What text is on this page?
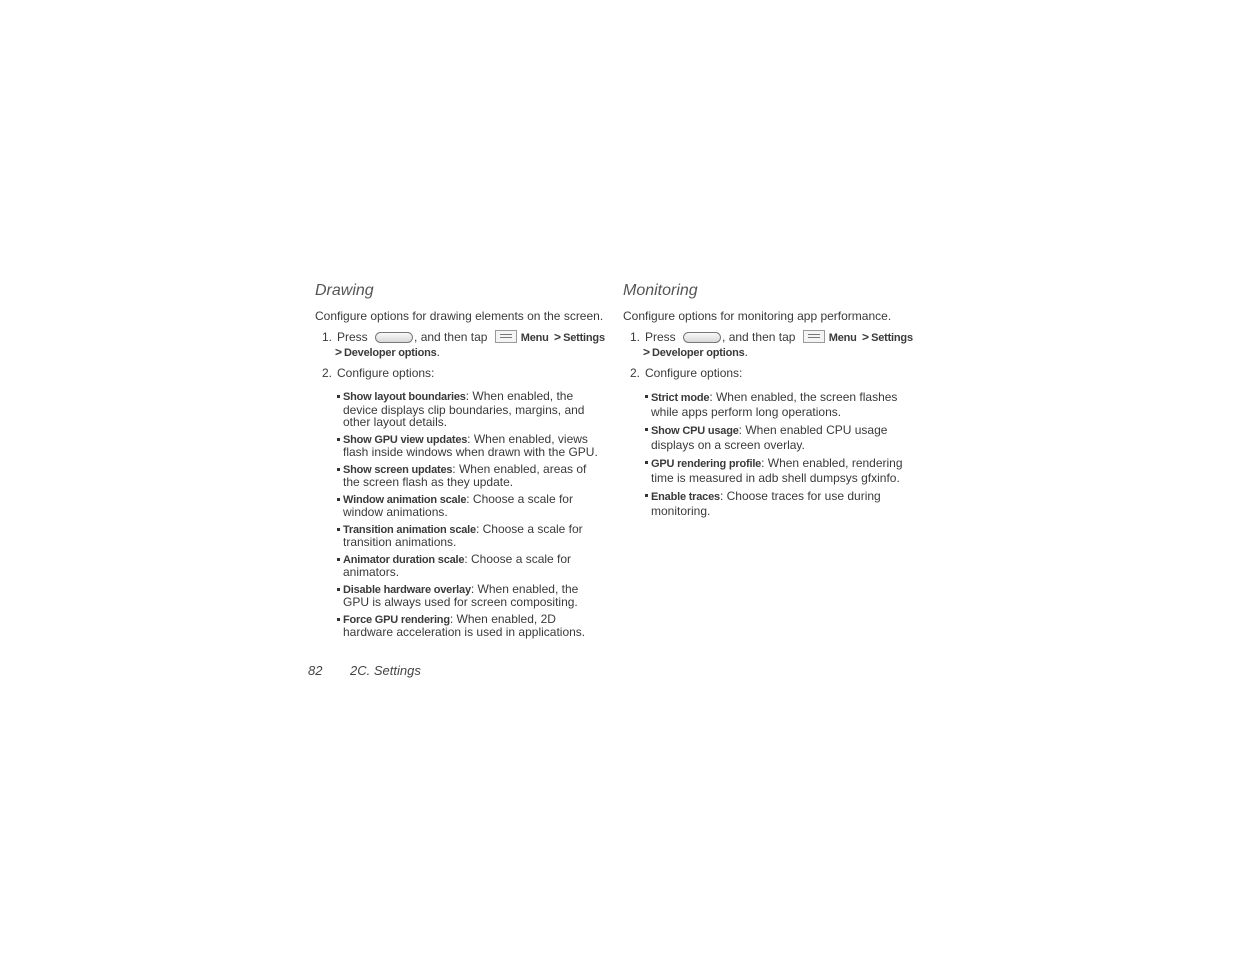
Drawing

Configure options for drawing elements on the screen.

1. Press	, and then tap	Menu > Settings
> Developer options.
2. Configure options:
Show layout boundaries: When enabled, the device displays clip boundaries, margins, and other layout details.
Show GPU view updates: When enabled, views flash inside windows when drawn with the GPU.
Show screen updates: When enabled, areas of the screen flash as they update.
Window animation scale: Choose a scale for window animations.
Transition animation scale: Choose a scale for transition animations.
Animator duration scale: Choose a scale for animators.
Disable hardware overlay: When enabled, the GPU is always used for screen compositing.
Force GPU rendering: When enabled, 2D hardware acceleration is used in applications.
Monitoring

Configure options for monitoring app performance.

1. Press	, and then tap	Menu > Settings
> Developer options.
2. Configure options:
Strict mode: When enabled, the screen flashes while apps perform long operations.
Show CPU usage: When enabled CPU usage displays on a screen overlay.
GPU rendering profile: When enabled, rendering time is measured in adb shell dumpsys gfxinfo.
Enable traces: Choose traces for use during monitoring.
82 2C. Settings
